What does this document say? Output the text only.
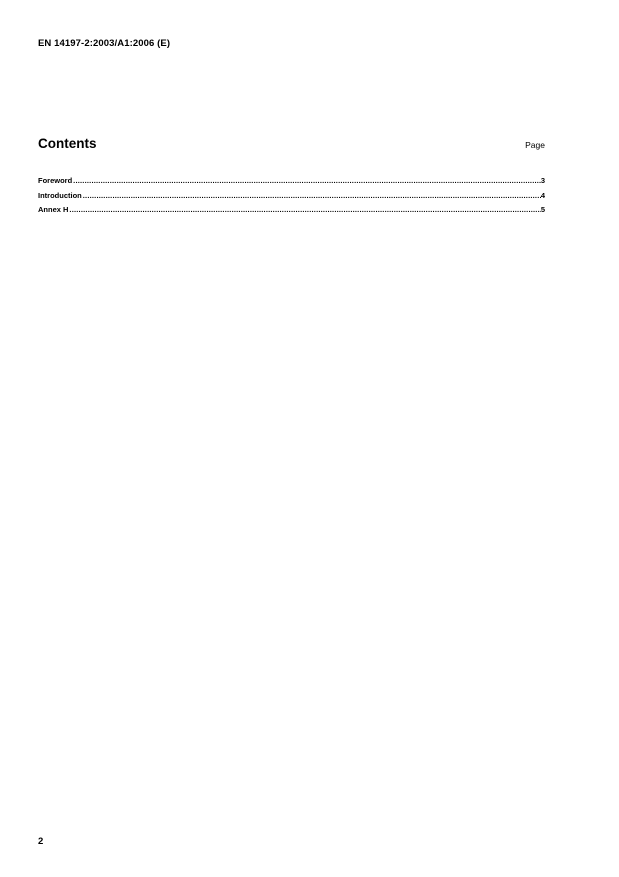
EN 14197-2:2003/A1:2006 (E)
Contents	Page
Foreword .....	3
Introduction .....	4
Annex H .....	5
2
